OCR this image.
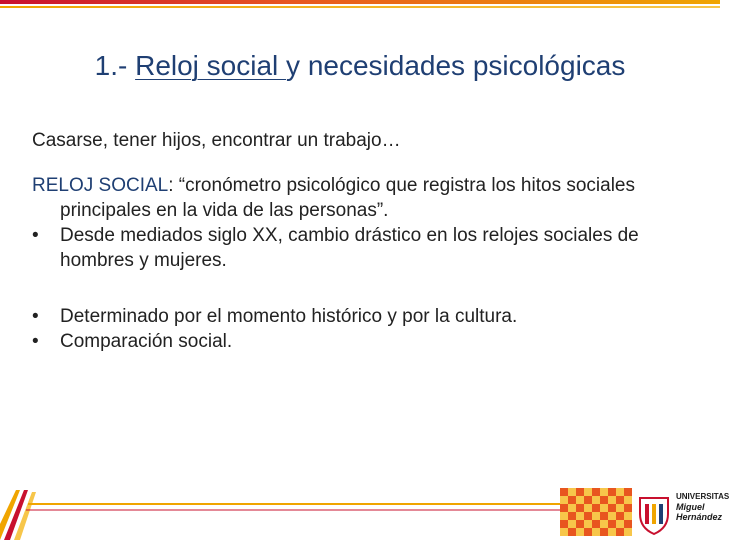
1.- Reloj social y necesidades psicológicas

Casarse, tener hijos, encontrar un trabajo…

RELOJ SOCIAL: “cronómetro psicológico que registra los hitos sociales principales en la vida de las personas”.

• Desde mediados siglo XX, cambio drástico en los relojes sociales de hombres y mujeres.

• Determinado por el momento histórico y por la cultura.

• Comparación social.

UNIVERSITAS
Miguel
Hernández
